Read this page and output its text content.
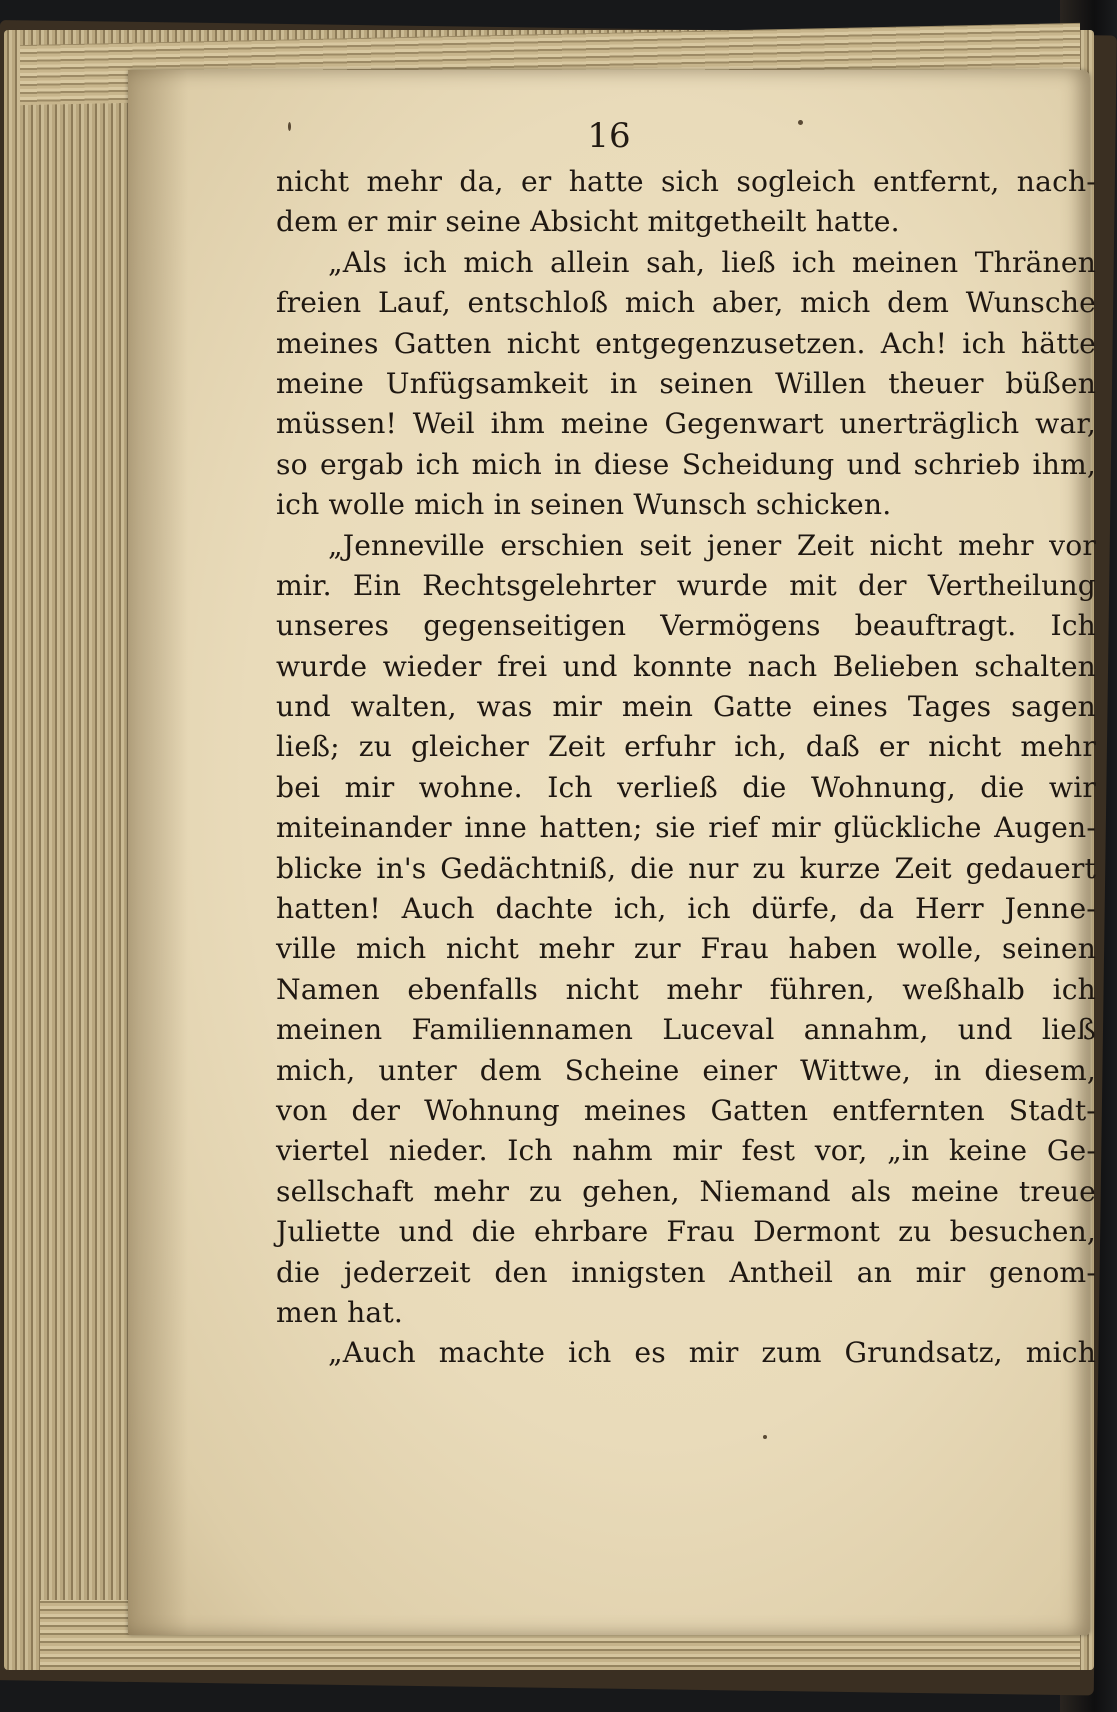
16
nicht mehr da, er hatte sich sogleich entfernt, nach-
dem er mir seine Absicht mitgetheilt hatte.
„Als ich mich allein sah, ließ ich meinen Thränen
freien Lauf, entschloß mich aber, mich dem Wunsche
meines Gatten nicht entgegenzusetzen. Ach! ich hätte
meine Unfügsamkeit in seinen Willen theuer büßen
müssen! Weil ihm meine Gegenwart unerträglich war,
so ergab ich mich in diese Scheidung und schrieb ihm,
ich wolle mich in seinen Wunsch schicken.
„Jenneville erschien seit jener Zeit nicht mehr vor
mir. Ein Rechtsgelehrter wurde mit der Vertheilung
unseres gegenseitigen Vermögens beauftragt. Ich
wurde wieder frei und konnte nach Belieben schalten
und walten, was mir mein Gatte eines Tages sagen
ließ; zu gleicher Zeit erfuhr ich, daß er nicht mehr
bei mir wohne. Ich verließ die Wohnung, die wir
miteinander inne hatten; sie rief mir glückliche Augen-
blicke in's Gedächtniß, die nur zu kurze Zeit gedauert
hatten! Auch dachte ich, ich dürfe, da Herr Jenne-
ville mich nicht mehr zur Frau haben wolle, seinen
Namen ebenfalls nicht mehr führen, weßhalb ich
meinen Familiennamen Luceval annahm, und ließ
mich, unter dem Scheine einer Wittwe, in diesem,
von der Wohnung meines Gatten entfernten Stadt-
viertel nieder. Ich nahm mir fest vor, „in keine Ge-
sellschaft mehr zu gehen, Niemand als meine treue
Juliette und die ehrbare Frau Dermont zu besuchen,
die jederzeit den innigsten Antheil an mir genom-
men hat.
„Auch machte ich es mir zum Grundsatz, mich
